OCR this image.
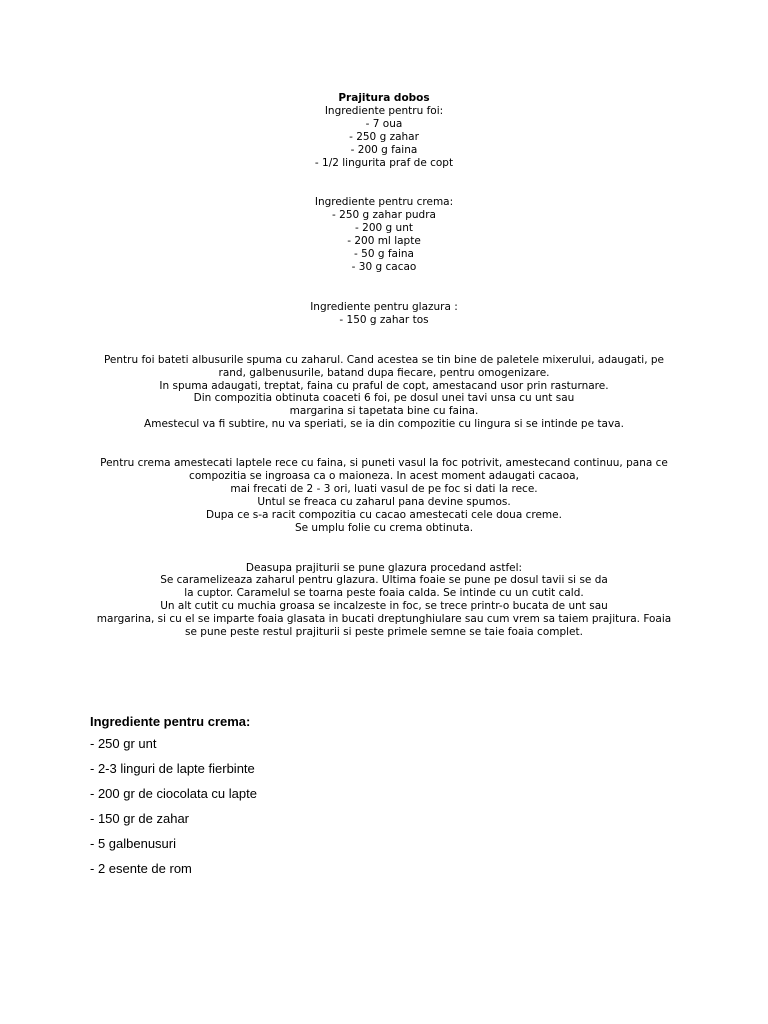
Prajitura dobos
Ingrediente pentru foi:
- 7 oua
- 250 g zahar
- 200 g faina
- 1/2 lingurita praf de copt
Ingrediente pentru crema:
- 250 g zahar pudra
- 200 g unt
- 200 ml lapte
- 50 g faina
- 30 g cacao
Ingrediente pentru glazura :
- 150 g zahar tos
Pentru foi bateti albusurile spuma cu zaharul. Cand acestea se tin bine de paletele mixerului, adaugati, pe
rand, galbenusurile, batand dupa fiecare, pentru omogenizare.
In spuma adaugati, treptat, faina cu praful de copt, amestacand usor prin rasturnare.
Din compozitia obtinuta coaceti 6 foi, pe dosul unei tavi unsa cu unt sau
margarina si tapetata bine cu faina.
Amestecul va fi subtire, nu va speriati, se ia din compozitie cu lingura si se intinde pe tava.
Pentru crema amestecati laptele rece cu faina, si puneti vasul la foc potrivit, amestecand continuu, pana ce
compozitia se ingroasa ca o maioneza. In acest moment adaugati cacaoa,
mai frecati de 2 - 3 ori, luati vasul de pe foc si dati la rece.
Untul se freaca cu zaharul pana devine spumos.
Dupa ce s-a racit compozitia cu cacao amestecati cele doua creme.
Se umplu folie cu crema obtinuta.
Deasupa prajiturii se pune glazura procedand astfel:
Se caramelizeaza zaharul pentru glazura. Ultima foaie se pune pe dosul tavii si se da
la cuptor. Caramelul se toarna peste foaia calda. Se intinde cu un cutit cald.
Un alt cutit cu muchia groasa se incalzeste in foc, se trece printr-o bucata de unt sau
margarina, si cu el se imparte foaia glasata in bucati dreptunghiulare sau cum vrem sa taiem prajitura. Foaia
se pune peste restul prajiturii si peste primele semne se taie foaia complet.
Ingrediente pentru crema:
- 250 gr unt
- 2-3 linguri de lapte fierbinte
- 200 gr de ciocolata cu lapte
- 150 gr de zahar
- 5 galbenusuri
- 2 esente de rom
